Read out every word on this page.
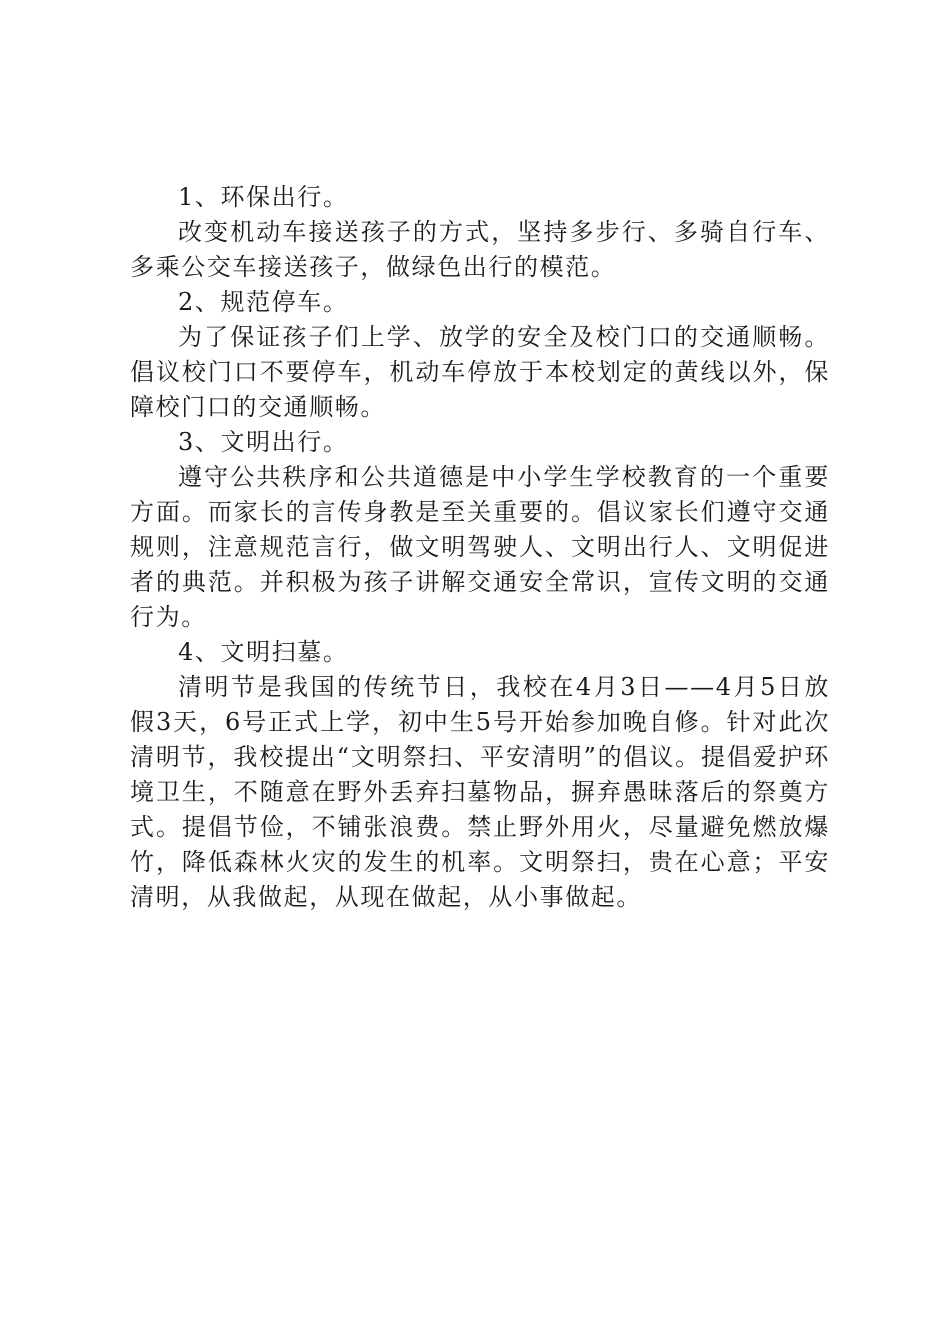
1、环保出行。

改变机动车接送孩子的方式，坚持多步行、多骑自行车、多乘公交车接送孩子，做绿色出行的模范。

2、规范停车。

为了保证孩子们上学、放学的安全及校门口的交通顺畅。倡议校门口不要停车，机动车停放于本校划定的黄线以外，保障校门口的交通顺畅。

3、文明出行。

遵守公共秩序和公共道德是中小学生学校教育的一个重要方面。而家长的言传身教是至关重要的。倡议家长们遵守交通规则，注意规范言行，做文明驾驶人、文明出行人、文明促进者的典范。并积极为孩子讲解交通安全常识，宣传文明的交通行为。

4、文明扫墓。

清明节是我国的传统节日，我校在4月3日——4月5日放假3天，6号正式上学，初中生5号开始参加晚自修。针对此次清明节，我校提出“文明祭扫、平安清明”的倡议。提倡爱护环境卫生，不随意在野外丢弃扫墓物品，摒弃愚昧落后的祭奠方式。提倡节俭，不铺张浪费。禁止野外用火，尽量避免燃放爆竹，降低森林火灾的发生的机率。文明祭扫，贵在心意；平安清明，从我做起，从现在做起，从小事做起。
